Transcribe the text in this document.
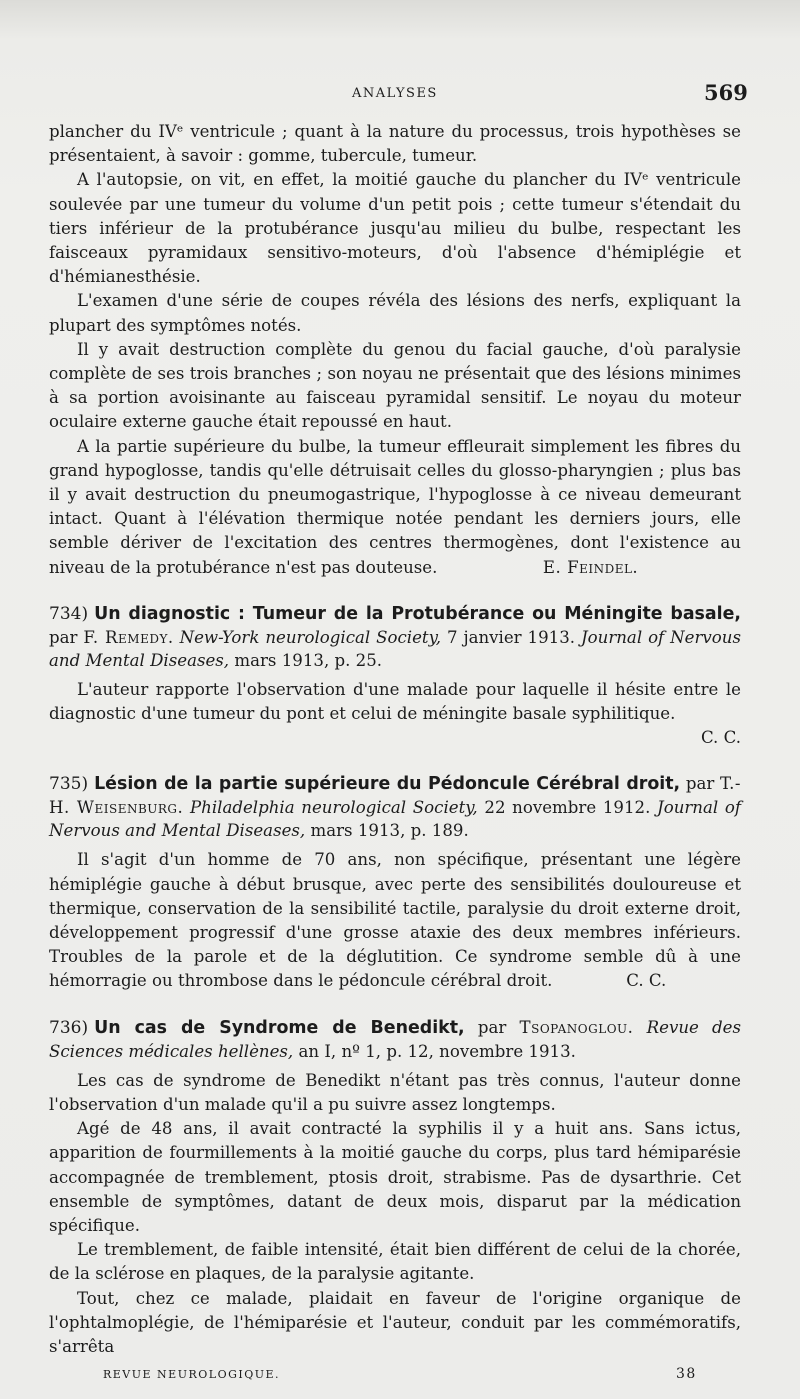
ANALYSES	569

plancher du IVᵉ ventricule ; quant à la nature du processus, trois hypothèses se présentaient, à savoir : gomme, tubercule, tumeur.

A l'autopsie, on vit, en effet, la moitié gauche du plancher du IVᵉ ventricule soulevée par une tumeur du volume d'un petit pois ; cette tumeur s'étendait du tiers inférieur de la protubérance jusqu'au milieu du bulbe, respectant les faisceaux pyramidaux sensitivo-moteurs, d'où l'absence d'hémiplégie et d'hémianesthésie.

L'examen d'une série de coupes révéla des lésions des nerfs, expliquant la plupart des symptômes notés.

Il y avait destruction complète du genou du facial gauche, d'où paralysie complète de ses trois branches ; son noyau ne présentait que des lésions minimes à sa portion avoisinante au faisceau pyramidal sensitif. Le noyau du moteur oculaire externe gauche était repoussé en haut.

A la partie supérieure du bulbe, la tumeur effleurait simplement les fibres du grand hypoglosse, tandis qu'elle détruisait celles du glosso-pharyngien ; plus bas il y avait destruction du pneumogastrique, l'hypoglosse à ce niveau demeurant intact. Quant à l'élévation thermique notée pendant les derniers jours, elle semble dériver de l'excitation des centres thermogènes, dont l'existence au niveau de la protubérance n'est pas douteuse.	E. Feindel.

734) Un diagnostic : Tumeur de la Protubérance ou Méningite basale, par F. Remedy. New-York neurological Society, 7 janvier 1913. Journal of Nervous and Mental Diseases, mars 1913, p. 25.

L'auteur rapporte l'observation d'une malade pour laquelle il hésite entre le diagnostic d'une tumeur du pont et celui de méningite basale syphilitique.

C. C.

735) Lésion de la partie supérieure du Pédoncule Cérébral droit, par T.-H. Weisenburg. Philadelphia neurological Society, 22 novembre 1912. Journal of Nervous and Mental Diseases, mars 1913, p. 189.

Il s'agit d'un homme de 70 ans, non spécifique, présentant une légère hémiplégie gauche à début brusque, avec perte des sensibilités douloureuse et thermique, conservation de la sensibilité tactile, paralysie du droit externe droit, développement progressif d'une grosse ataxie des deux membres inférieurs. Troubles de la parole et de la déglutition. Ce syndrome semble dû à une hémorragie ou thrombose dans le pédoncule cérébral droit.	C. C.

736) Un cas de Syndrome de Benedikt, par Tsopanoglou. Revue des Sciences médicales hellènes, an I, nº 1, p. 12, novembre 1913.

Les cas de syndrome de Benedikt n'étant pas très connus, l'auteur donne l'observation d'un malade qu'il a pu suivre assez longtemps.

Agé de 48 ans, il avait contracté la syphilis il y a huit ans. Sans ictus, apparition de fourmillements à la moitié gauche du corps, plus tard hémiparésie accompagnée de tremblement, ptosis droit, strabisme. Pas de dysarthrie. Cet ensemble de symptômes, datant de deux mois, disparut par la médication spécifique.

Le tremblement, de faible intensité, était bien différent de celui de la chorée, de la sclérose en plaques, de la paralysie agitante.

Tout, chez ce malade, plaidait en faveur de l'origine organique de l'ophtalmoplégie, de l'hémiparésie et l'auteur, conduit par les commémoratifs, s'arrêta

REVUE NEUROLOGIQUE.	38
